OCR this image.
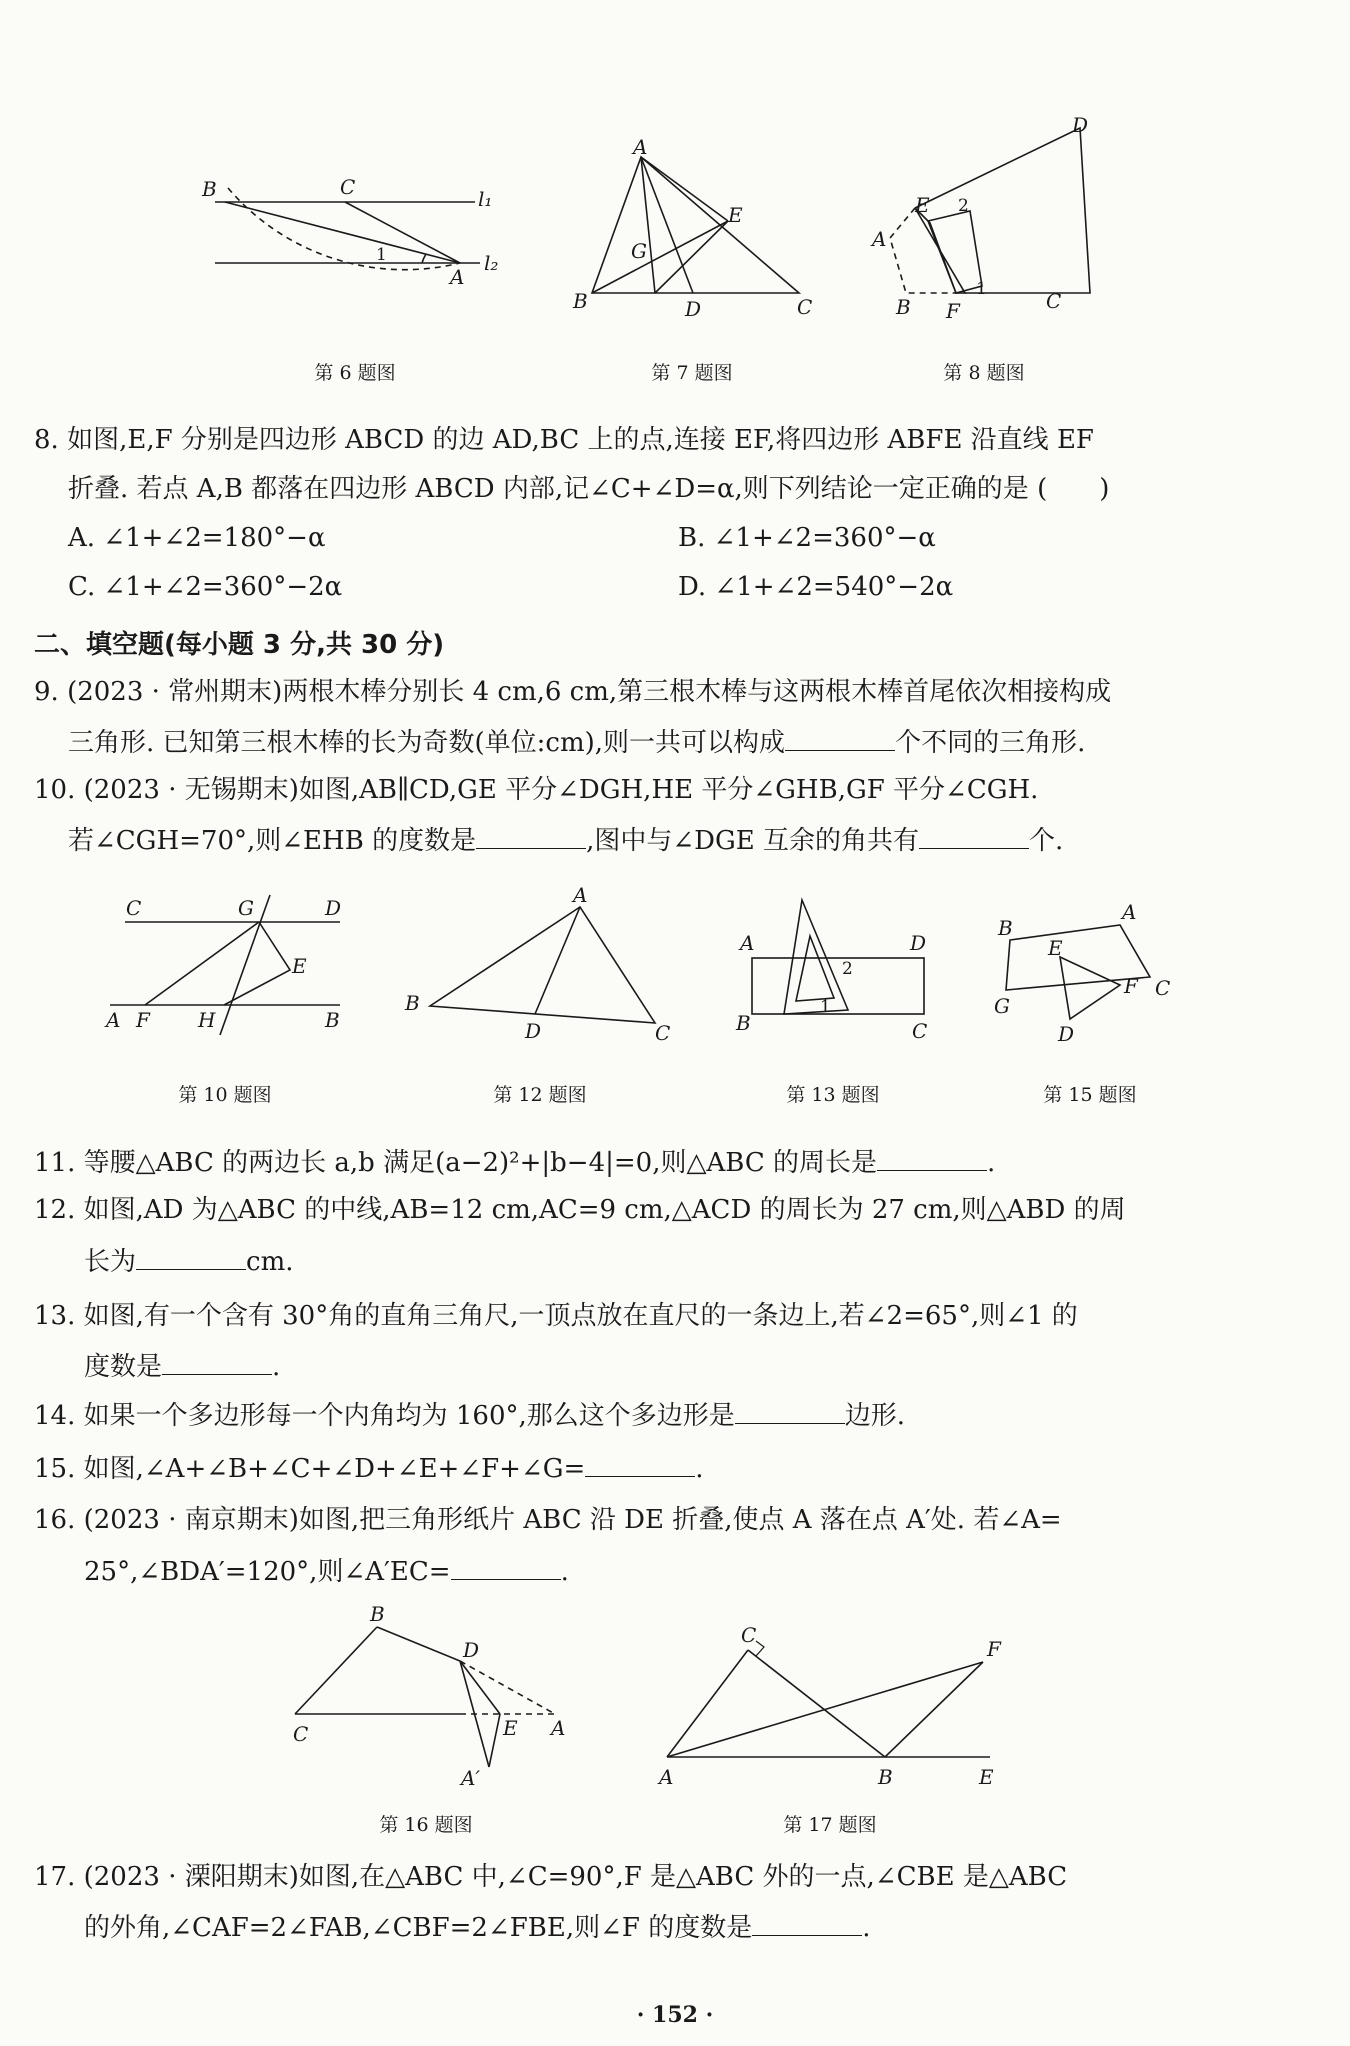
B	C	l₁
1
A
l₂
第 6 题图
A
E
G
B	D	C
第 7 题图
D
E 2
A
1
B F	C
第 8 题图
8. 如图,E,F 分别是四边形 ABCD 的边 AD,BC 上的点,连接 EF,将四边形 ABFE 沿直线 EF
折叠. 若点 A,B 都落在四边形 ABCD 内部,记∠C+∠D=α,则下列结论一定正确的是 (　　)
A. ∠1+∠2=180°−α	B. ∠1+∠2=360°−α
C. ∠1+∠2=360°−2α	D. ∠1+∠2=540°−2α
二、填空题(每小题 3 分,共 30 分)
9. (2023 · 常州期末)两根木棒分别长 4 cm,6 cm,第三根木棒与这两根木棒首尾依次相接构成
三角形. 已知第三根木棒的长为奇数(单位:cm),则一共可以构成	个不同的三角形.
10. (2023 · 无锡期末)如图,AB∥CD,GE 平分∠DGH,HE 平分∠GHB,GF 平分∠CGH.
若∠CGH=70°,则∠EHB 的度数是	,图中与∠DGE 互余的角共有	个.
C	G	D
E
A F H	B
第 10 题图
A
B
D	C
第 12 题图
A	D
2
1
B	C
第 13 题图
B
A
E
F C
G
D
第 15 题图
11. 等腰△ABC 的两边长 a,b 满足(a−2)²+|b−4|=0,则△ABC 的周长是	.
12. 如图,AD 为△ABC 的中线,AB=12 cm,AC=9 cm,△ACD 的周长为 27 cm,则△ABD 的周
长为	cm.
13. 如图,有一个含有 30°角的直角三角尺,一顶点放在直尺的一条边上,若∠2=65°,则∠1 的
度数是	.
14. 如果一个多边形每一个内角均为 160°,那么这个多边形是	边形.
15. 如图,∠A+∠B+∠C+∠D+∠E+∠F+∠G=	.
16. (2023 · 南京期末)如图,把三角形纸片 ABC 沿 DE 折叠,使点 A 落在点 A′处. 若∠A=
25°,∠BDA′=120°,则∠A′EC=	.
B
D
C	E A
A′
第 16 题图
C
F
A	B	E
第 17 题图
17. (2023 · 溧阳期末)如图,在△ABC 中,∠C=90°,F 是△ABC 外的一点,∠CBE 是△ABC
的外角,∠CAF=2∠FAB,∠CBF=2∠FBE,则∠F 的度数是	.
· 152 ·
